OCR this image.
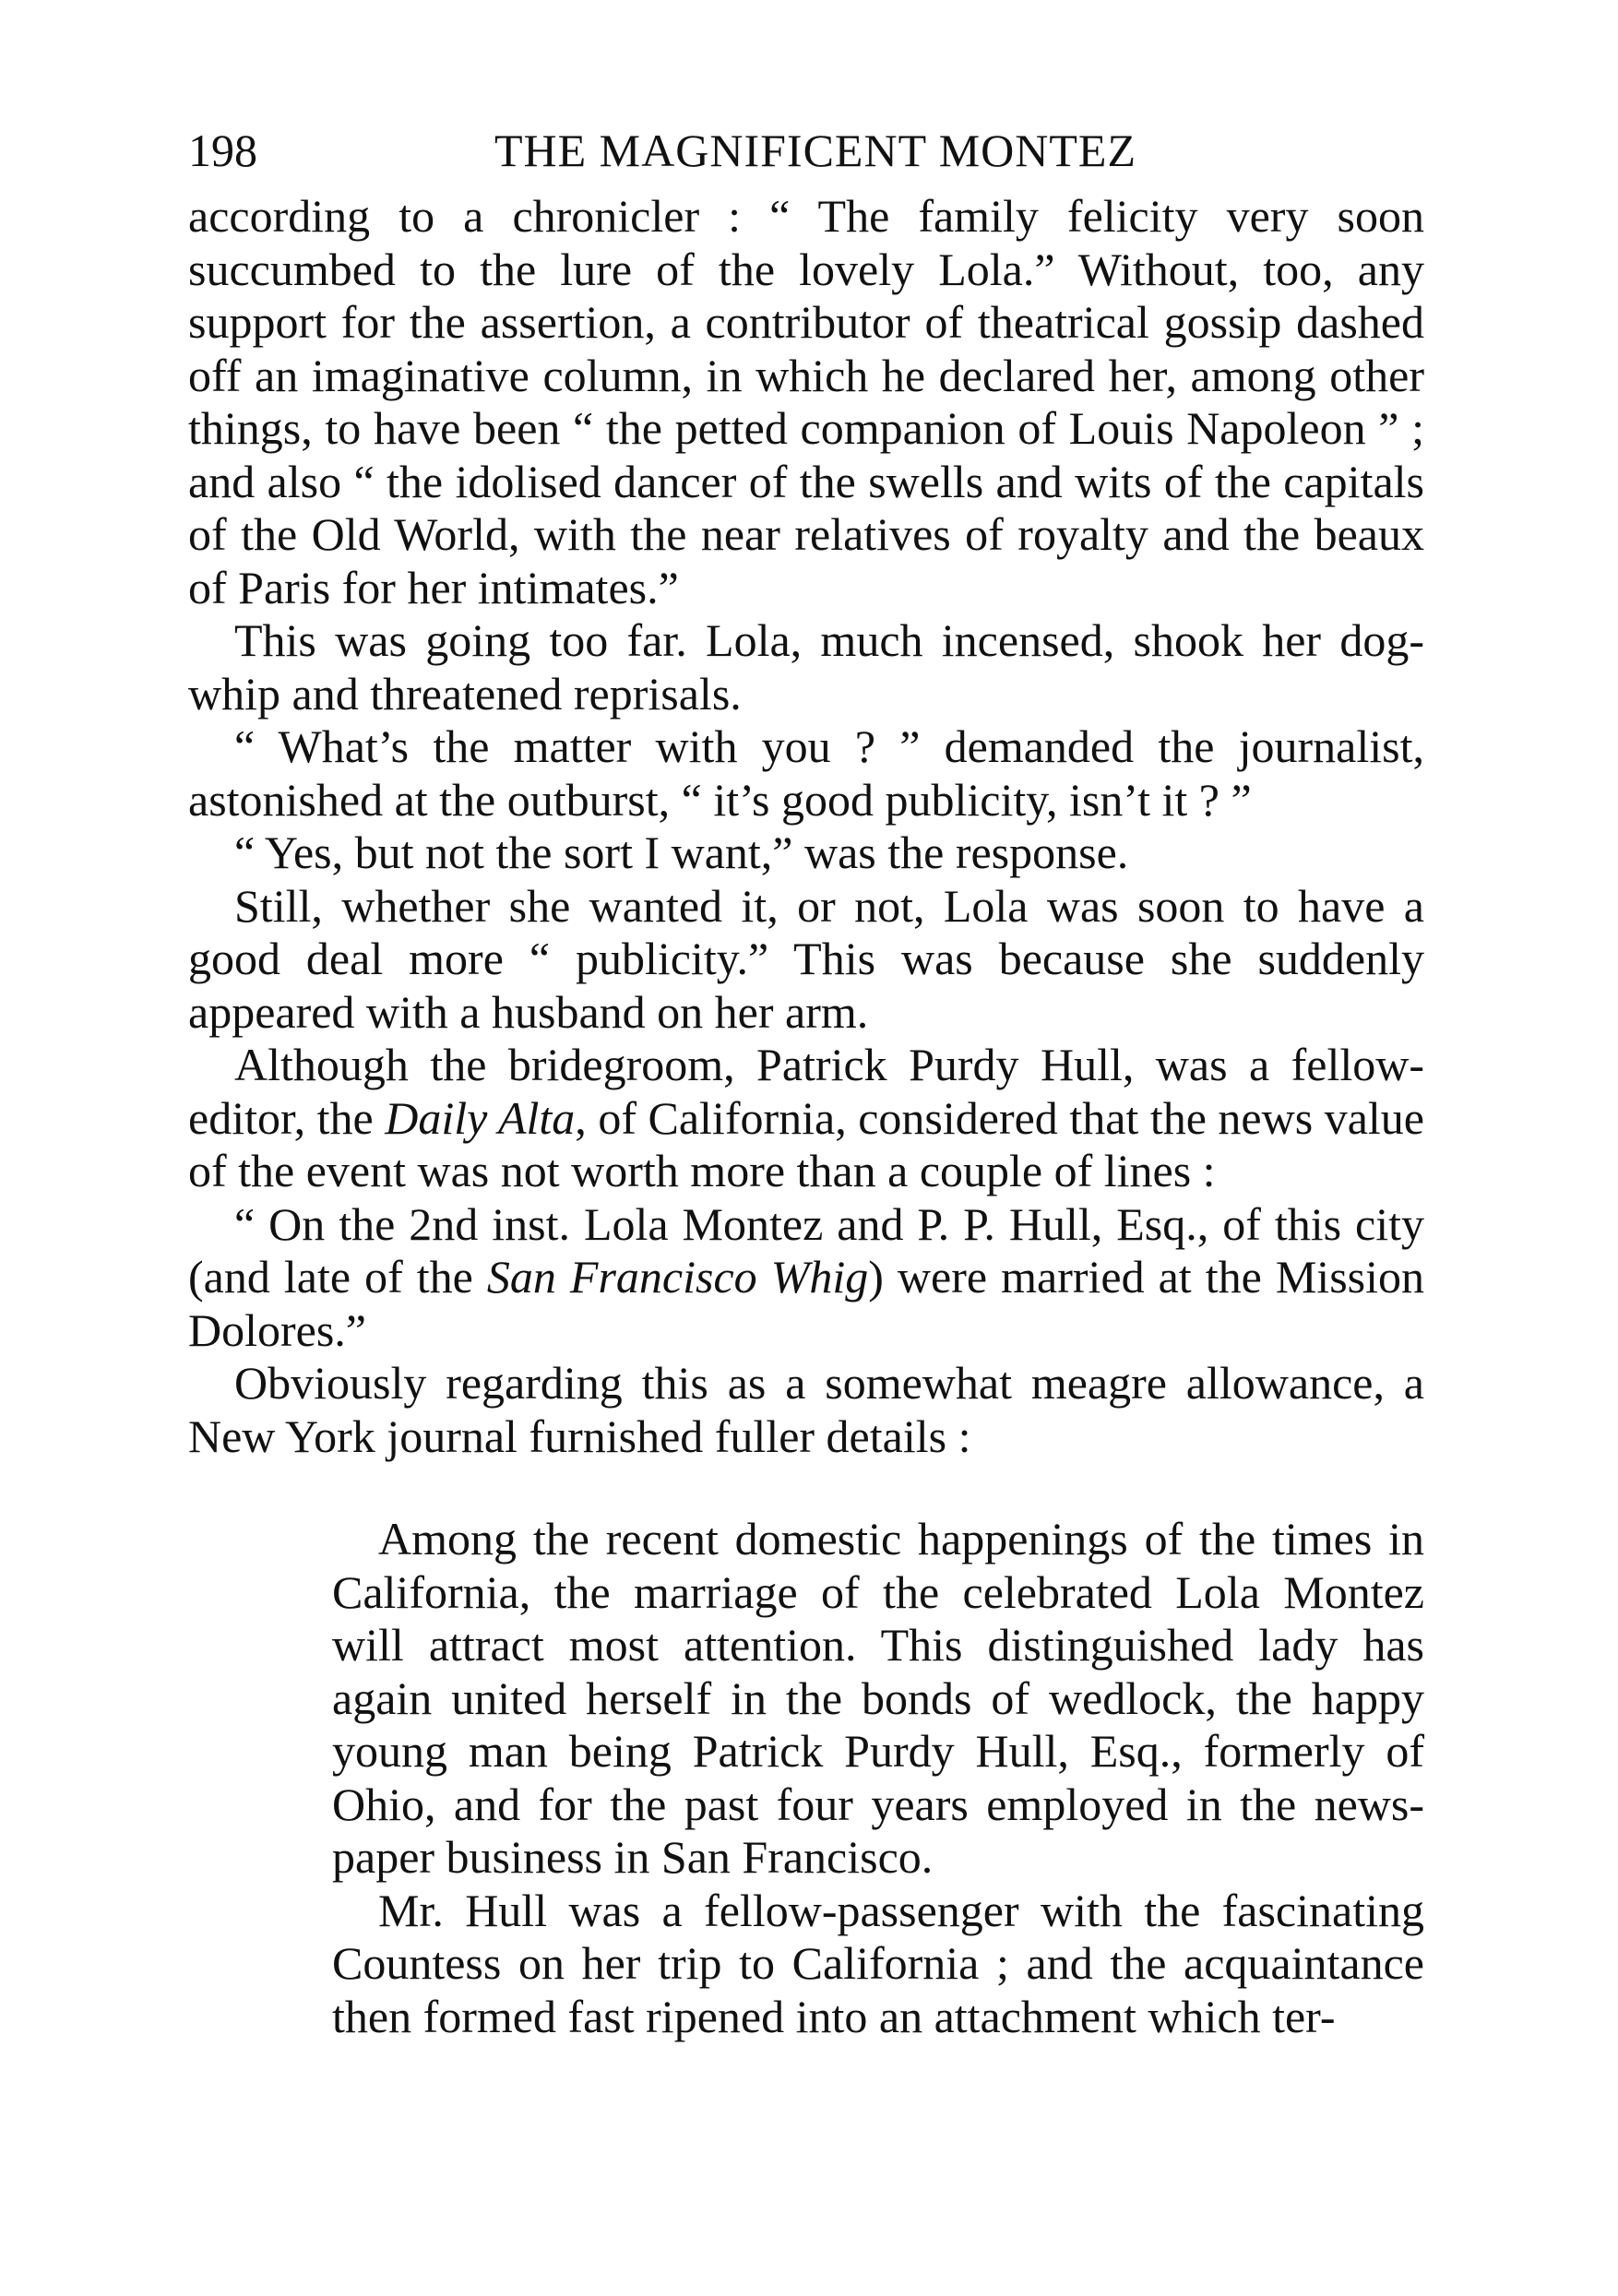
198	THE MAGNIFICENT MONTEZ

according to a chronicler : “ The family felicity very soon succumbed to the lure of the lovely Lola.” Without, too, any support for the assertion, a contributor of theatrical gossip dashed off an imaginative column, in which he declared her, among other things, to have been “ the petted companion of Louis Napoleon ” ; and also “ the idolised dancer of the swells and wits of the capitals of the Old World, with the near relatives of royalty and the beaux of Paris for her intimates.”

This was going too far. Lola, much incensed, shook her dog-whip and threatened reprisals.

“ What’s the matter with you ? ” demanded the journalist, astonished at the outburst, “ it’s good publicity, isn’t it ? ”

“ Yes, but not the sort I want,” was the response.

Still, whether she wanted it, or not, Lola was soon to have a good deal more “ publicity.” This was because she suddenly appeared with a husband on her arm.

Although the bridegroom, Patrick Purdy Hull, was a fellow-editor, the Daily Alta, of California, considered that the news value of the event was not worth more than a couple of lines :

“ On the 2nd inst. Lola Montez and P. P. Hull, Esq., of this city (and late of the San Francisco Whig) were married at the Mission Dolores.”

Obviously regarding this as a somewhat meagre allowance, a New York journal furnished fuller details :

Among the recent domestic happenings of the times in California, the marriage of the celebrated Lola Montez will attract most attention. This distinguished lady has again united herself in the bonds of wedlock, the happy young man being Patrick Purdy Hull, Esq., formerly of Ohio, and for the past four years employed in the news-paper business in San Francisco.

Mr. Hull was a fellow-passenger with the fascinating Countess on her trip to California ; and the acquaintance then formed fast ripened into an attachment which ter-
